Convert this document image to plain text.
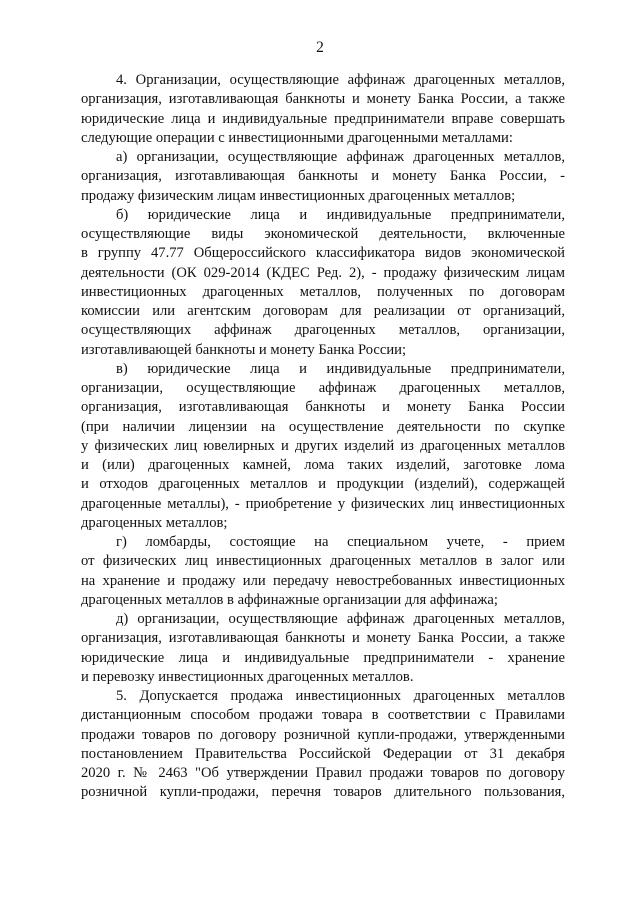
2
4. Организации, осуществляющие аффинаж драгоценных металлов,
организация, изготавливающая банкноты и монету Банка России, а также
юридические лица и индивидуальные предприниматели вправе совершать
следующие операции с инвестиционными драгоценными металлами:
а) организации, осуществляющие аффинаж драгоценных металлов,
организация, изготавливающая банкноты и монету Банка России, -
продажу физическим лицам инвестиционных драгоценных металлов;
б) юридические лица и индивидуальные предприниматели,
осуществляющие виды экономической деятельности, включенные
в группу 47.77 Общероссийского классификатора видов экономической
деятельности (ОК 029-2014 (КДЕС Ред. 2), - продажу физическим лицам
инвестиционных драгоценных металлов, полученных по договорам
комиссии или агентским договорам для реализации от организаций,
осуществляющих аффинаж драгоценных металлов, организации,
изготавливающей банкноты и монету Банка России;
в) юридические лица и индивидуальные предприниматели,
организации, осуществляющие аффинаж драгоценных металлов,
организация, изготавливающая банкноты и монету Банка России
(при наличии лицензии на осуществление деятельности по скупке
у физических лиц ювелирных и других изделий из драгоценных металлов
и (или) драгоценных камней, лома таких изделий, заготовке лома
и отходов драгоценных металлов и продукции (изделий), содержащей
драгоценные металлы), - приобретение у физических лиц инвестиционных
драгоценных металлов;
г) ломбарды, состоящие на специальном учете, - прием
от физических лиц инвестиционных драгоценных металлов в залог или
на хранение и продажу или передачу невостребованных инвестиционных
драгоценных металлов в аффинажные организации для аффинажа;
д) организации, осуществляющие аффинаж драгоценных металлов,
организация, изготавливающая банкноты и монету Банка России, а также
юридические лица и индивидуальные предприниматели - хранение
и перевозку инвестиционных драгоценных металлов.
5. Допускается продажа инвестиционных драгоценных металлов
дистанционным способом продажи товара в соответствии с Правилами
продажи товаров по договору розничной купли-продажи, утвержденными
постановлением Правительства Российской Федерации от 31 декабря
2020 г. № 2463 "Об утверждении Правил продажи товаров по договору
розничной купли-продажи, перечня товаров длительного пользования,
